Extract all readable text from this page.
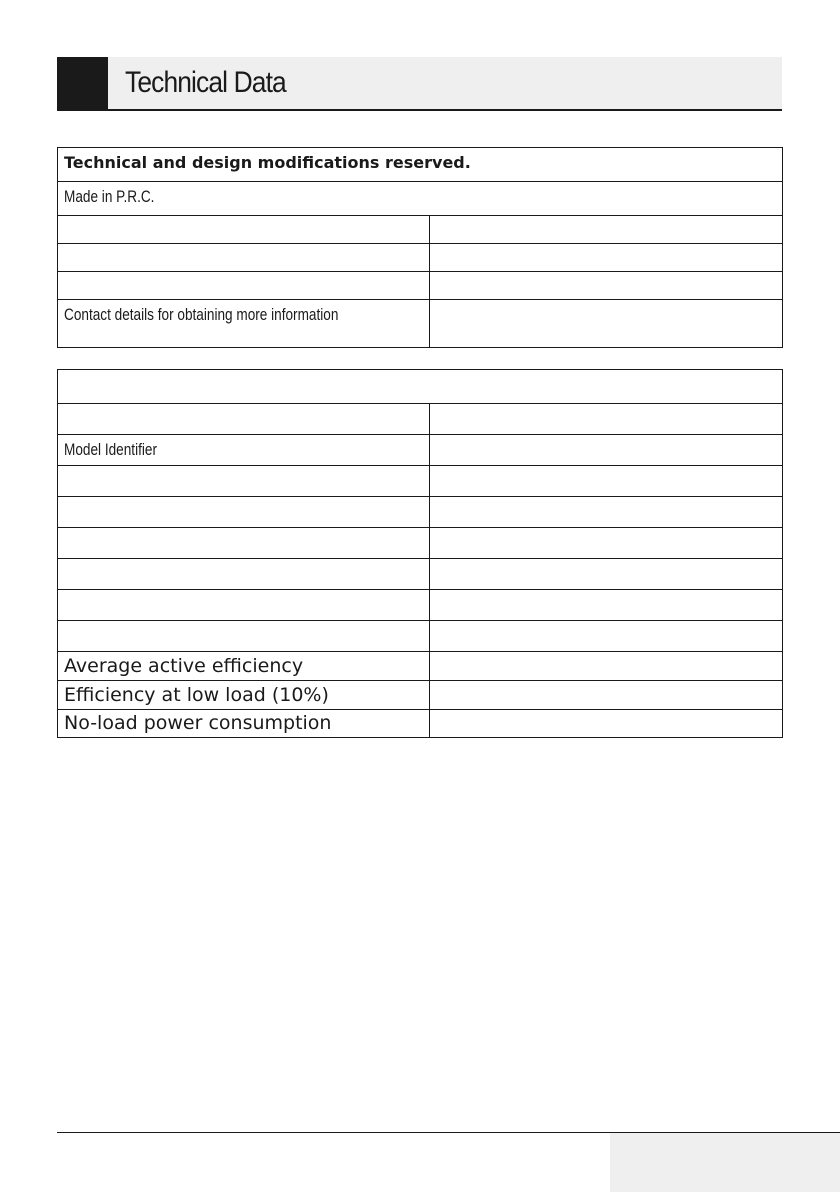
Technical Data
Technical and design modifications reserved.	
Made in P.R.C.	

Contact details for obtaining more information	

Model Identifier	

Average active efficiency	
Efficiency at low load (10%)	
No-load power consumption	
